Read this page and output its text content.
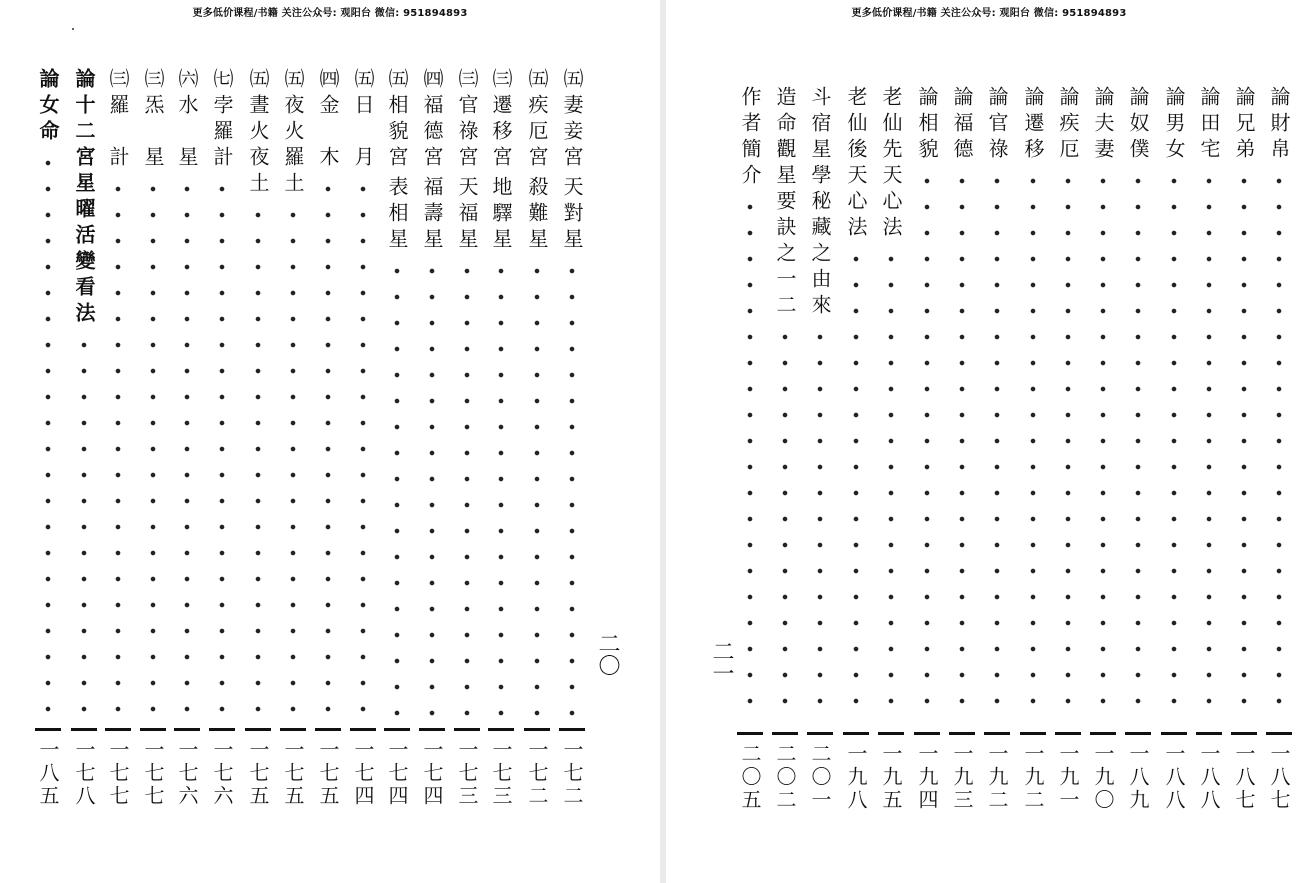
更多低价课程/书籍 关注公众号: 观阳台 微信: 951894893
論女命
一八五
論十二宮星曜活變看法
一七八
㈢羅　計
一七七
㈢炁　星
一七七
㈥水　星
一七六
㈦孛羅計
一七六
㈤晝火夜土
一七五
㈤夜火羅土
一七五
㈣金　木
一七五
㈤日　月
一七四
㈤相貌宮
表相星
一七四
㈣福德宮
福壽星
一七四
㈢官祿宮
天福星
一七三
㈢遷移宮
地驛星
一七三
㈤疾厄宮
殺難星
一七二
㈤妻妾宮
天對星
一七二
二〇
更多低价课程/书籍 关注公众号: 观阳台 微信: 951894893
作者簡介
二〇五
造命觀星要訣之一二
二〇二
斗宿星學秘藏之由來
二〇一
老仙後天心法
一九八
老仙先天心法
一九五
論相貌
一九四
論福德
一九三
論官祿
一九二
論遷移
一九二
論疾厄
一九一
論夫妻
一九〇
論奴僕
一八九
論男女
一八八
論田宅
一八八
論兄弟
一八七
論財帛
一八七
二一
